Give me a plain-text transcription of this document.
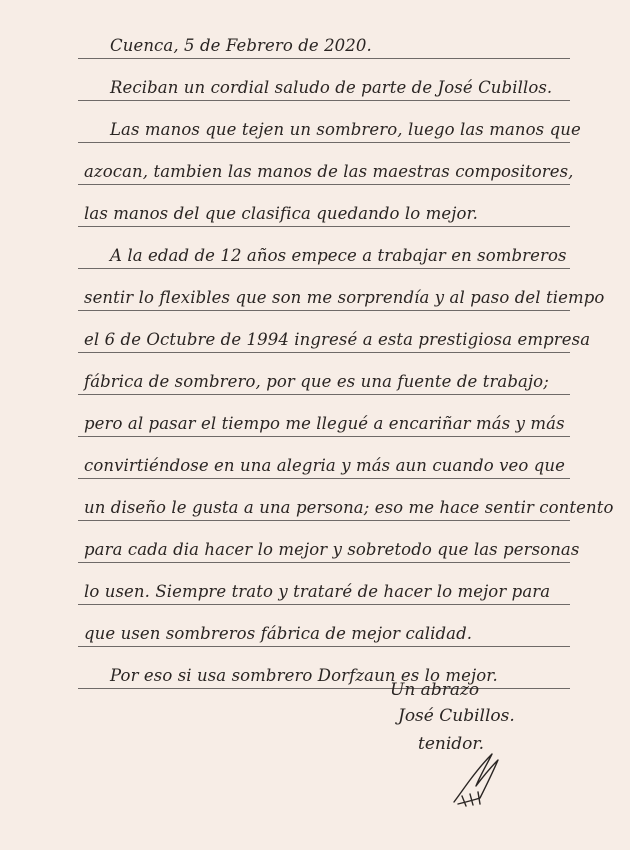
Cuenca, 5 de Febrero de 2020.
Reciban un cordial saludo de parte de José Cubillos.
Las manos que tejen un sombrero, luego las manos que
azocan, tambien las manos de las maestras compositores,
las manos del que clasifica quedando lo mejor.
A la edad de 12 años empece a trabajar en sombreros
sentir lo flexibles que son me sorprendía y al paso del tiempo
el 6 de Octubre de 1994 ingresé a esta prestigiosa empresa
fábrica de sombrero, por que es una fuente de trabajo;
pero al pasar el tiempo me llegué a encariñar más y más
convirtiéndose en una alegria y más aun cuando veo que
un diseño le gusta a una persona; eso me hace sentir contento
para cada dia hacer lo mejor y sobretodo que las personas
lo usen. Siempre trato y trataré de hacer lo mejor para
que usen sombreros fábrica de mejor calidad.
Por eso si usa sombrero Dorfzaun es lo mejor.
Un abrazo
José Cubillos.
tenidor.
